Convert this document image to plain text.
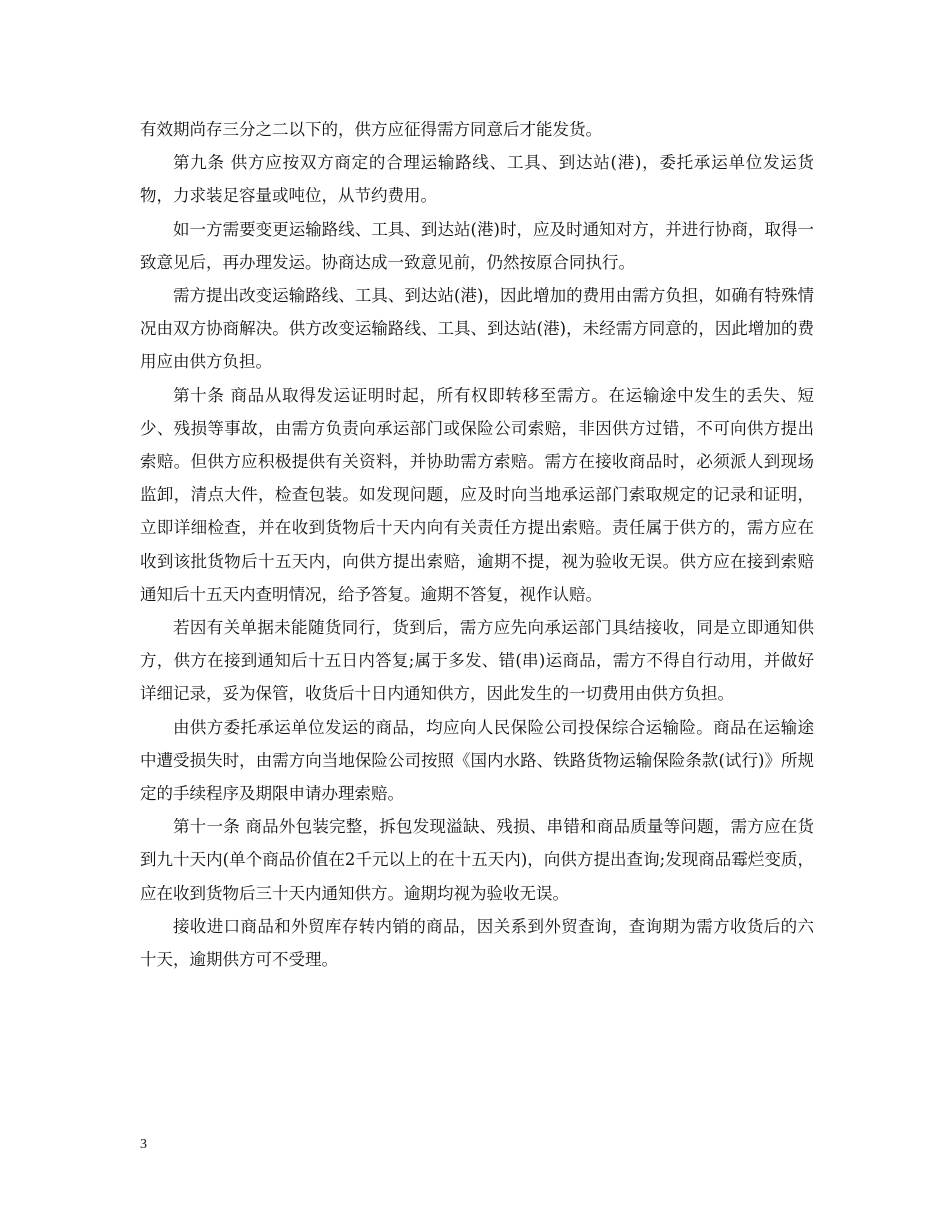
有效期尚存三分之二以下的，供方应征得需方同意后才能发货。

第九条 供方应按双方商定的合理运输路线、工具、到达站(港)，委托承运单位发运货物，力求装足容量或吨位，从节约费用。

如一方需要变更运输路线、工具、到达站(港)时，应及时通知对方，并进行协商，取得一致意见后，再办理发运。协商达成一致意见前，仍然按原合同执行。

需方提出改变运输路线、工具、到达站(港)，因此增加的费用由需方负担，如确有特殊情况由双方协商解决。供方改变运输路线、工具、到达站(港)，未经需方同意的，因此增加的费用应由供方负担。

第十条 商品从取得发运证明时起，所有权即转移至需方。在运输途中发生的丢失、短少、残损等事故，由需方负责向承运部门或保险公司索赔，非因供方过错，不可向供方提出索赔。但供方应积极提供有关资料，并协助需方索赔。需方在接收商品时，必须派人到现场监卸，清点大件，检查包装。如发现问题，应及时向当地承运部门索取规定的记录和证明，立即详细检查，并在收到货物后十天内向有关责任方提出索赔。责任属于供方的，需方应在收到该批货物后十五天内，向供方提出索赔，逾期不提，视为验收无误。供方应在接到索赔通知后十五天内查明情况，给予答复。逾期不答复，视作认赔。

若因有关单据未能随货同行，货到后，需方应先向承运部门具结接收，同是立即通知供方，供方在接到通知后十五日内答复;属于多发、错(串)运商品，需方不得自行动用，并做好详细记录，妥为保管，收货后十日内通知供方，因此发生的一切费用由供方负担。

由供方委托承运单位发运的商品，均应向人民保险公司投保综合运输险。商品在运输途中遭受损失时，由需方向当地保险公司按照《国内水路、铁路货物运输保险条款(试行)》所规定的手续程序及期限申请办理索赔。

第十一条 商品外包装完整，拆包发现溢缺、残损、串错和商品质量等问题，需方应在货到九十天内(单个商品价值在2千元以上的在十五天内)，向供方提出查询;发现商品霉烂变质，应在收到货物后三十天内通知供方。逾期均视为验收无误。

接收进口商品和外贸库存转内销的商品，因关系到外贸查询，查询期为需方收货后的六十天，逾期供方可不受理。

3
